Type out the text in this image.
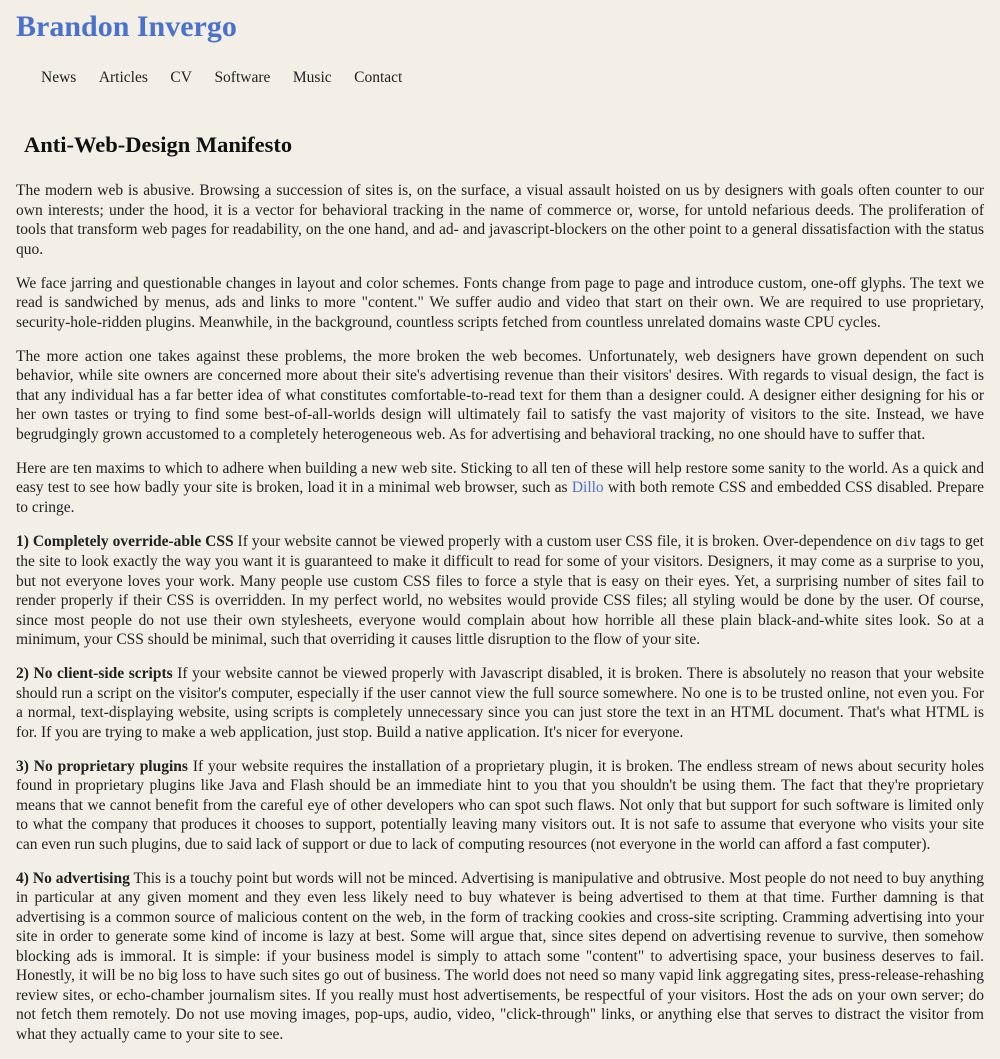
Brandon Invergo
News Articles CV Software Music Contact
Anti-Web-Design Manifesto

The modern web is abusive. Browsing a succession of sites is, on the surface, a visual assault hoisted on us by designers with goals often counter to our own interests; under the hood, it is a vector for behavioral tracking in the name of commerce or, worse, for untold nefarious deeds. The proliferation of tools that transform web pages for readability, on the one hand, and ad- and javascript-blockers on the other point to a general dissatisfaction with the status quo.

We face jarring and questionable changes in layout and color schemes. Fonts change from page to page and introduce custom, one-off glyphs. The text we read is sandwiched by menus, ads and links to more "content." We suffer audio and video that start on their own. We are required to use proprietary, security-hole-ridden plugins. Meanwhile, in the background, countless scripts fetched from countless unrelated domains waste CPU cycles.

The more action one takes against these problems, the more broken the web becomes. Unfortunately, web designers have grown dependent on such behavior, while site owners are concerned more about their site's advertising revenue than their visitors' desires. With regards to visual design, the fact is that any individual has a far better idea of what constitutes comfortable-to-read text for them than a designer could. A designer either designing for his or her own tastes or trying to find some best-of-all-worlds design will ultimately fail to satisfy the vast majority of visitors to the site. Instead, we have begrudgingly grown accustomed to a completely heterogeneous web. As for advertising and behavioral tracking, no one should have to suffer that.

Here are ten maxims to which to adhere when building a new web site. Sticking to all ten of these will help restore some sanity to the world. As a quick and easy test to see how badly your site is broken, load it in a minimal web browser, such as Dillo with both remote CSS and embedded CSS disabled. Prepare to cringe.

1) Completely override-able CSS If your website cannot be viewed properly with a custom user CSS file, it is broken. Over-dependence on div tags to get the site to look exactly the way you want it is guaranteed to make it difficult to read for some of your visitors. Designers, it may come as a surprise to you, but not everyone loves your work. Many people use custom CSS files to force a style that is easy on their eyes. Yet, a surprising number of sites fail to render properly if their CSS is overridden. In my perfect world, no websites would provide CSS files; all styling would be done by the user. Of course, since most people do not use their own stylesheets, everyone would complain about how horrible all these plain black-and-white sites look. So at a minimum, your CSS should be minimal, such that overriding it causes little disruption to the flow of your site.

2) No client-side scripts If your website cannot be viewed properly with Javascript disabled, it is broken. There is absolutely no reason that your website should run a script on the visitor's computer, especially if the user cannot view the full source somewhere. No one is to be trusted online, not even you. For a normal, text-displaying website, using scripts is completely unnecessary since you can just store the text in an HTML document. That's what HTML is for. If you are trying to make a web application, just stop. Build a native application. It's nicer for everyone.

3) No proprietary plugins If your website requires the installation of a proprietary plugin, it is broken. The endless stream of news about security holes found in proprietary plugins like Java and Flash should be an immediate hint to you that you shouldn't be using them. The fact that they're proprietary means that we cannot benefit from the careful eye of other developers who can spot such flaws. Not only that but support for such software is limited only to what the company that produces it chooses to support, potentially leaving many visitors out. It is not safe to assume that everyone who visits your site can even run such plugins, due to said lack of support or due to lack of computing resources (not everyone in the world can afford a fast computer).

4) No advertising This is a touchy point but words will not be minced. Advertising is manipulative and obtrusive. Most people do not need to buy anything in particular at any given moment and they even less likely need to buy whatever is being advertised to them at that time. Further damning is that advertising is a common source of malicious content on the web, in the form of tracking cookies and cross-site scripting. Cramming advertising into your site in order to generate some kind of income is lazy at best. Some will argue that, since sites depend on advertising revenue to survive, then somehow blocking ads is immoral. It is simple: if your business model is simply to attach some "content" to advertising space, your business deserves to fail. Honestly, it will be no big loss to have such sites go out of business. The world does not need so many vapid link aggregating sites, press-release-rehashing review sites, or echo-chamber journalism sites. If you really must host advertisements, be respectful of your visitors. Host the ads on your own server; do not fetch them remotely. Do not use moving images, pop-ups, audio, video, "click-through" links, or anything else that serves to distract the visitor from what they actually came to your site to see.
